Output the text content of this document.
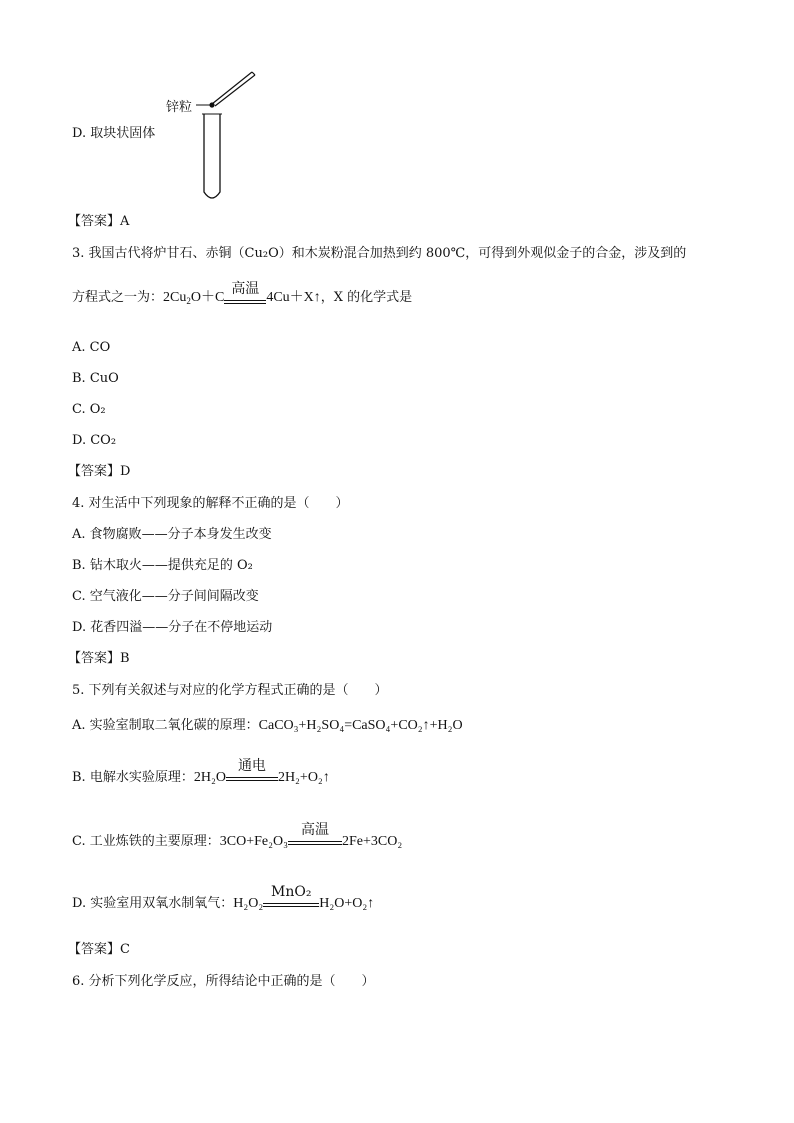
锌粒
D. 取块状固体
【答案】A
3. 我国古代将炉甘石、赤铜（Cu₂O）和木炭粉混合加热到约 800℃，可得到外观似金子的合金，涉及到的
方程式之一为：$2Cu_2O+C$
高温
4Cu＋X↑，X 的化学式是
A. CO
B. CuO
C. O₂
D. CO₂
【答案】D
4. 对生活中下列现象的解释不正确的是（　　）
A. 食物腐败——分子本身发生改变
B. 钻木取火——提供充足的 O₂
C. 空气液化——分子间间隔改变
D. 花香四溢——分子在不停地运动
【答案】B
5. 下列有关叙述与对应的化学方程式正确的是（　　）
A. 实验室制取二氧化碳的原理：CaCO₃+H₂SO₄=CaSO₄+CO₂↑+H₂O
B. 电解水实验原理：2H₂O
通电
2H₂+O₂↑
C. 工业炼铁的主要原理：3CO+Fe₂O₃
高温
2Fe+3CO₂
D. 实验室用双氧水制氧气：H₂O₂
MnO₂
H₂O+O₂↑
【答案】C
6. 分析下列化学反应，所得结论中正确的是（　　）
